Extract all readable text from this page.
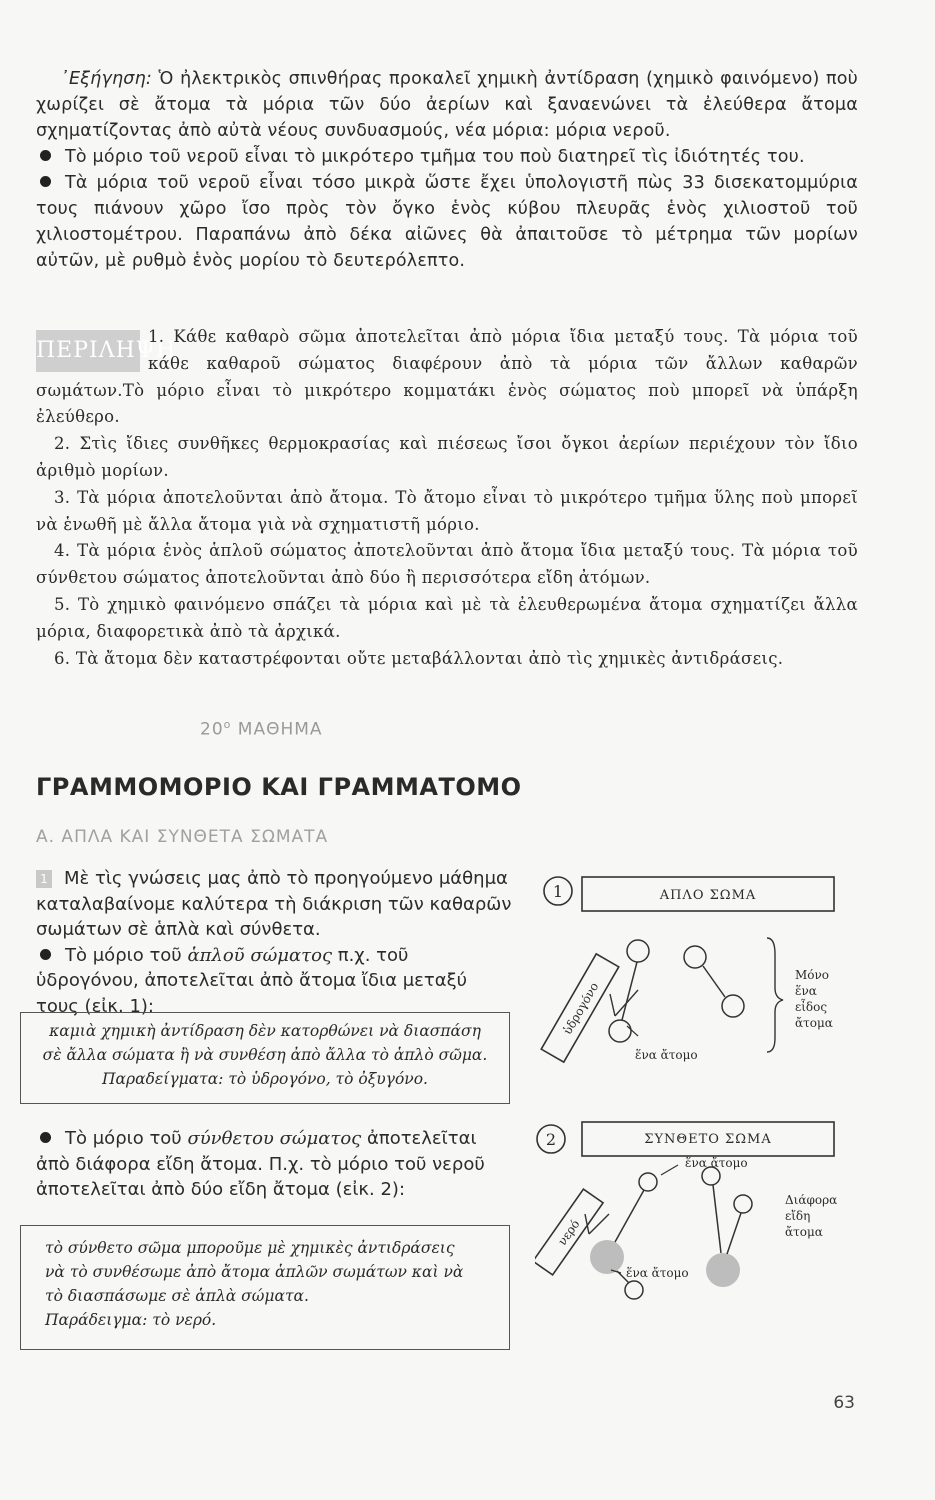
᾿Εξήγηση: Ὁ ἠλεκτρικὸς σπινθήρας προκαλεῖ χημικὴ ἀντίδραση (χημικὸ φαινόμενο) ποὺ χωρίζει σὲ ἄτομα τὰ μόρια τῶν δύο ἀερίων καὶ ξαναενώνει τὰ ἐλεύθερα ἄτομα σχηματίζοντας ἀπὸ αὐτὰ νέους συνδυασμούς, νέα μόρια: μόρια νεροῦ.

Τὸ μόριο τοῦ νεροῦ εἶναι τὸ μικρότερο τμῆμα του ποὺ διατηρεῖ τὶς ἰδιότητές του.

Τὰ μόρια τοῦ νεροῦ εἶναι τόσο μικρὰ ὥστε ἔχει ὑπολογιστῆ πὼς 33 δισεκατομμύρια τους πιάνουν χῶρο ἴσο πρὸς τὸν ὄγκο ἑνὸς κύβου πλευρᾶς ἑνὸς χιλιοστοῦ τοῦ χιλιοστομέτρου. Παραπάνω ἀπὸ δέκα αἰῶνες θὰ ἀπαιτοῦσε τὸ μέτρημα τῶν μορίων αὐτῶν, μὲ ρυθμὸ ἑνὸς μορίου τὸ δευτερόλεπτο.

ΠΕΡΙΛΗΨΗ

1. Κάθε καθαρὸ σῶμα ἀποτελεῖται ἀπὸ μόρια ἴδια μεταξύ τους. Τὰ μόρια τοῦ κάθε καθαροῦ σώματος διαφέρουν ἀπὸ τὰ μόρια τῶν ἄλλων καθαρῶν σωμάτων.Τὸ μόριο εἶναι τὸ μικρότερο κομματάκι ἑνὸς σώματος ποὺ μπορεῖ νὰ ὑπάρξη ἐλεύθερο.

2. Στὶς ἴδιες συνθῆκες θερμοκρασίας καὶ πιέσεως ἴσοι ὄγκοι ἀερίων περιέχουν τὸν ἴδιο ἀριθμὸ μορίων.

3. Τὰ μόρια ἀποτελοῦνται ἀπὸ ἄτομα. Τὸ ἄτομο εἶναι τὸ μικρότερο τμῆμα ὕλης ποὺ μπορεῖ νὰ ἑνωθῆ μὲ ἄλλα ἄτομα γιὰ νὰ σχηματιστῆ μόριο.

4. Τὰ μόρια ἑνὸς ἁπλοῦ σώματος ἀποτελοῦνται ἀπὸ ἄτομα ἴδια μεταξύ τους. Τὰ μόρια τοῦ σύνθετου σώματος ἀποτελοῦνται ἀπὸ δύο ἢ περισσότερα εἴδη ἀτόμων.

5. Τὸ χημικὸ φαινόμενο σπάζει τὰ μόρια καὶ μὲ τὰ ἐλευθερωμένα ἄτομα σχηματίζει ἄλλα μόρια, διαφορετικὰ ἀπὸ τὰ ἀρχικά.

6. Τὰ ἄτομα δὲν καταστρέφονται οὔτε μεταβάλλονται ἀπὸ τὶς χημικὲς ἀντιδράσεις.

$20^o$ ΜΑΘΗΜΑ
ΓΡΑΜΜΟΜΟΡΙΟ ΚΑΙ ΓΡΑΜΜΑΤΟΜΟ
Α. ΑΠΛΑ ΚΑΙ ΣΥΝΘΕΤΑ ΣΩΜΑΤΑ

1 Μὲ τὶς γνώσεις μας ἀπὸ τὸ προηγούμενο μάθημα καταλαβαίνομε καλύτερα τὴ διάκριση τῶν καθαρῶν σωμάτων σὲ ἁπλὰ καὶ σύνθετα.

Τὸ μόριο τοῦ ἁπλοῦ σώματος π.χ. τοῦ ὑδρογόνου, ἀποτελεῖται ἀπὸ ἄτομα ἴδια μεταξύ τους (εἰκ. 1):

καμιὰ χημικὴ ἀντίδραση δὲν κατορθώνει νὰ διασπάση

σὲ ἄλλα σώματα ἢ νὰ συνθέση ἀπὸ ἄλλα τὸ ἁπλὸ σῶμα.

Παραδείγματα: τὸ ὑδρογόνο, τὸ ὀξυγόνο.

Τὸ μόριο τοῦ σύνθετου σώματος ἀποτελεῖται ἀπὸ διάφορα εἴδη ἄτομα. Π.χ. τὸ μόριο τοῦ νεροῦ ἀποτελεῖται ἀπὸ δύο εἴδη ἄτομα (εἰκ. 2):

τὸ σύνθετο σῶμα μποροῦμε μὲ χημικὲς ἀντιδράσεις

νὰ τὸ συνθέσωμε ἀπὸ ἄτομα ἁπλῶν σωμάτων καὶ νὰ

τὸ διασπάσωμε σὲ ἁπλὰ σώματα.

Παράδειγμα: τὸ νερό.

1	ΑΠΛΟ ΣΩΜΑ
ὑδρογόνο
ἕνα ἄτομο
Μόνο
ἕνα
εἶδος
ἄτομα
2	ΣΥΝΘΕΤΟ ΣΩΜΑ
νερό
ἕνα ἄτομο
ἕνα ἄτομο
Διάφορα
εἴδη
ἄτομα
63
